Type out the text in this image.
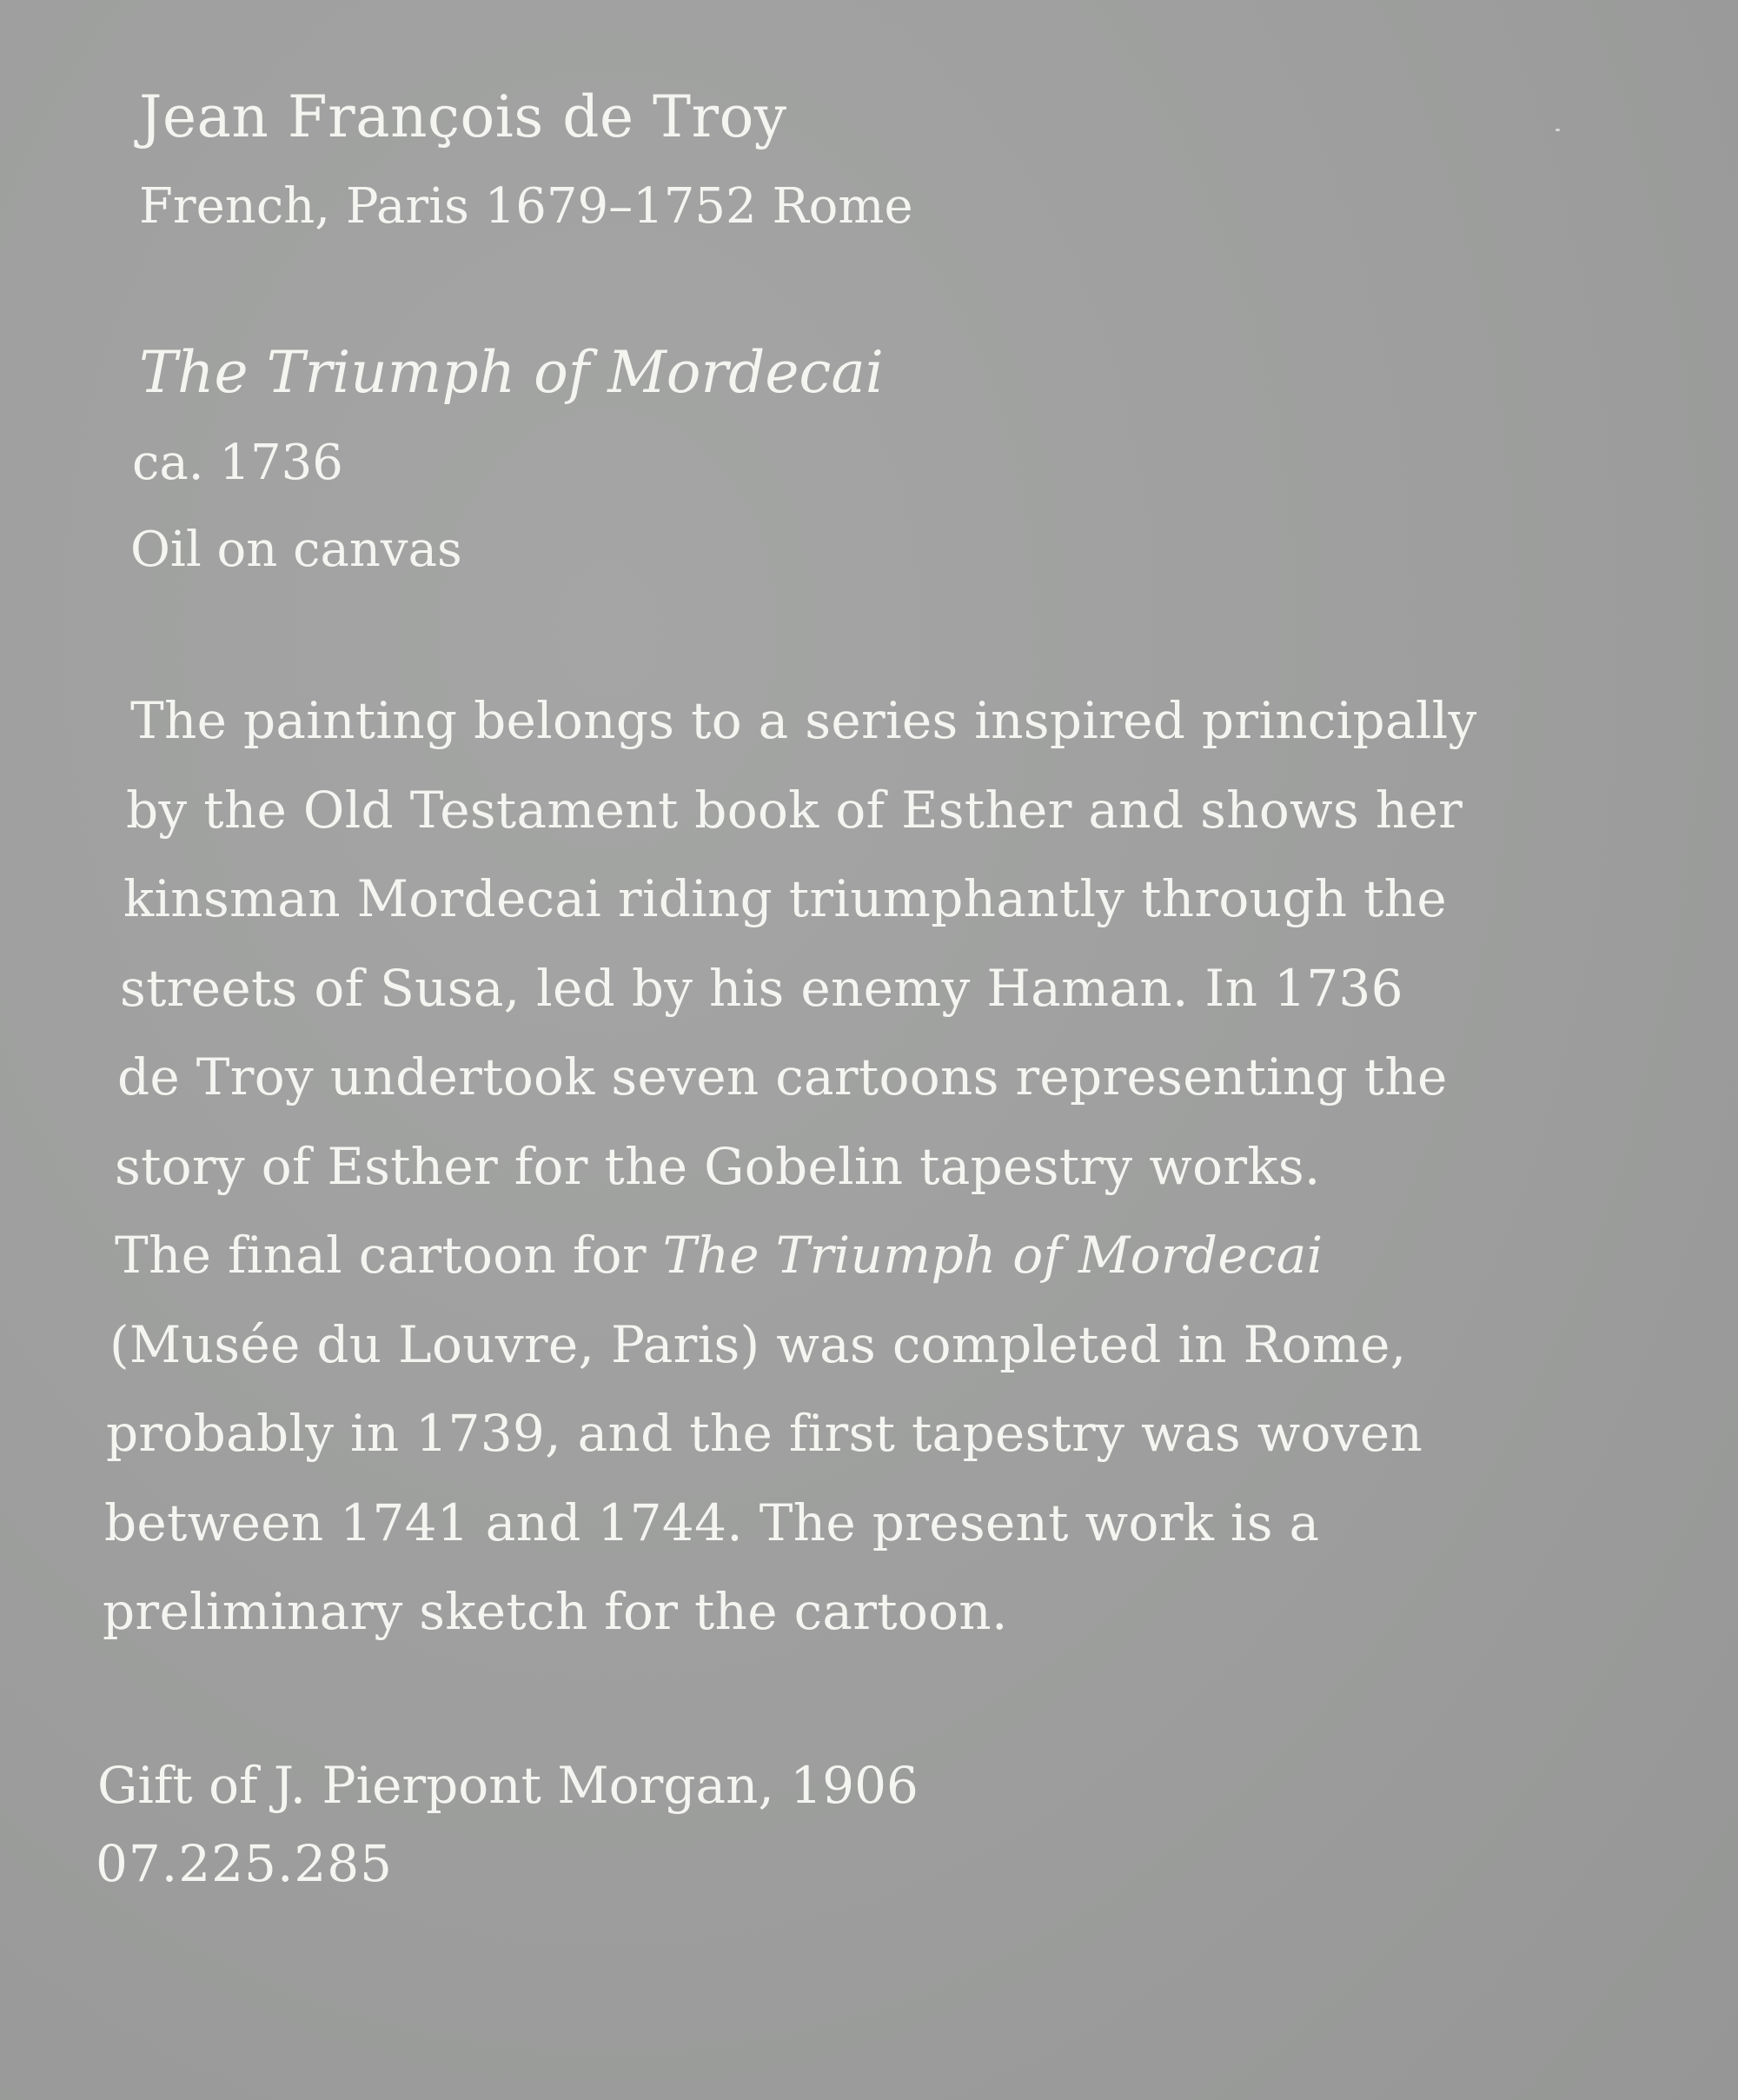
Jean François de Troy

French, Paris 1679–1752 Rome

The Triumph of Mordecai

ca. 1736

Oil on canvas

The painting belongs to a series inspired principally

by the Old Testament book of Esther and shows her

kinsman Mordecai riding triumphantly through the

streets of Susa, led by his enemy Haman. In 1736

de Troy undertook seven cartoons representing the

story of Esther for the Gobelin tapestry works.

The final cartoon for The Triumph of Mordecai

(Musée du Louvre, Paris) was completed in Rome,

probably in 1739, and the first tapestry was woven

between 1741 and 1744. The present work is a

preliminary sketch for the cartoon.

Gift of J. Pierpont Morgan, 1906

07.225.285
